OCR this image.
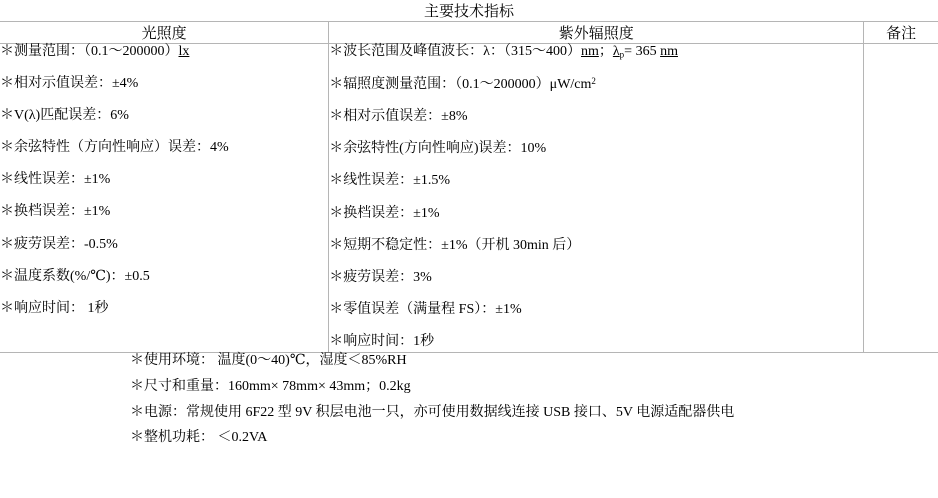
主要技术指标		
光照度	紫外辐照度	备注

＊测量范围：（0.1～200000）lx
＊相对示值误差：±4%
＊V(λ)匹配误差：6%
＊余弦特性（方向性响应）误差：4%
＊线性误差：±1%
＊换档误差：±1%
＊疲劳误差：-0.5%
＊温度系数(%/℃)：±0.5
＊响应时间： 1秒

＊波长范围及峰值波长：λ：（315～400）nm；$\lambda_p= 365$ nm
＊辐照度测量范围：$(0.1\sim 200000)\mu W/cm^2$
＊相对示值误差：±8%
＊余弦特性(方向性响应)误差：10%
＊线性误差：±1.5%
＊换档误差：±1%
＊短期不稳定性：±1%（开机 30min 后）
＊疲劳误差：3%
＊零值误差（满量程 FS）：±1%
＊响应时间：1秒

＊使用环境： 温度(0～40)℃，湿度＜85%RH
＊尺寸和重量：160mm× 78mm× 43mm；0.2kg
＊电源：常规使用 6F22 型 9V 积层电池一只，亦可使用数据线连接 USB 接口、5V 电源适配器供电
＊整机功耗： ＜0.2VA
